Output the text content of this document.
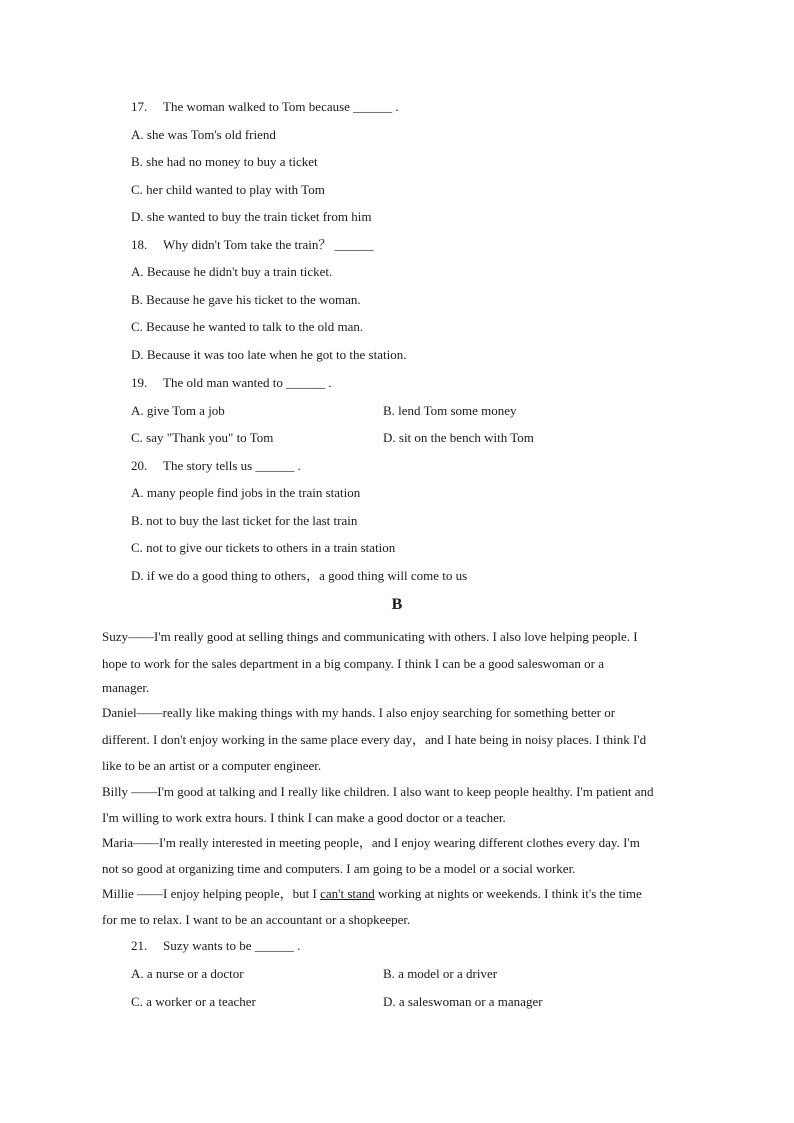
17. The woman walked to Tom because ______ .
A. she was Tom's old friend
B. she had no money to buy a ticket
C. her child wanted to play with Tom
D. she wanted to buy the train ticket from him
18. Why didn't Tom take the train？ ______
A. Because he didn't buy a train ticket.
B. Because he gave his ticket to the woman.
C. Because he wanted to talk to the old man.
D. Because it was too late when he got to the station.
19. The old man wanted to ______ .
A. give Tom a job	B. lend Tom some money
C. say "Thank you" to Tom	D. sit on the bench with Tom
20. The story tells us ______ .
A. many people find jobs in the train station
B. not to buy the last ticket for the last train
C. not to give our tickets to others in a train station
D. if we do a good thing to others，a good thing will come to us
B
Suzy——I'm really good at selling things and communicating with others. I also love helping people. I
hope to work for the sales department in a big company. I think I can be a good saleswoman or a
manager.
Daniel——really like making things with my hands. I also enjoy searching for something better or
different. I don't enjoy working in the same place every day，and I hate being in noisy places. I think I'd
like to be an artist or a computer engineer.
Billy ——I'm good at talking and I really like children. I also want to keep people healthy. I'm patient and
I'm willing to work extra hours. I think I can make a good doctor or a teacher.
Maria——I'm really interested in meeting people，and I enjoy wearing different clothes every day. I'm
not so good at organizing time and computers. I am going to be a model or a social worker.
Millie ——I enjoy helping people，but I can't stand working at nights or weekends. I think it's the time
for me to relax. I want to be an accountant or a shopkeeper.
21. Suzy wants to be ______ .
A. a nurse or a doctor	B. a model or a driver
C. a worker or a teacher	D. a saleswoman or a manager
